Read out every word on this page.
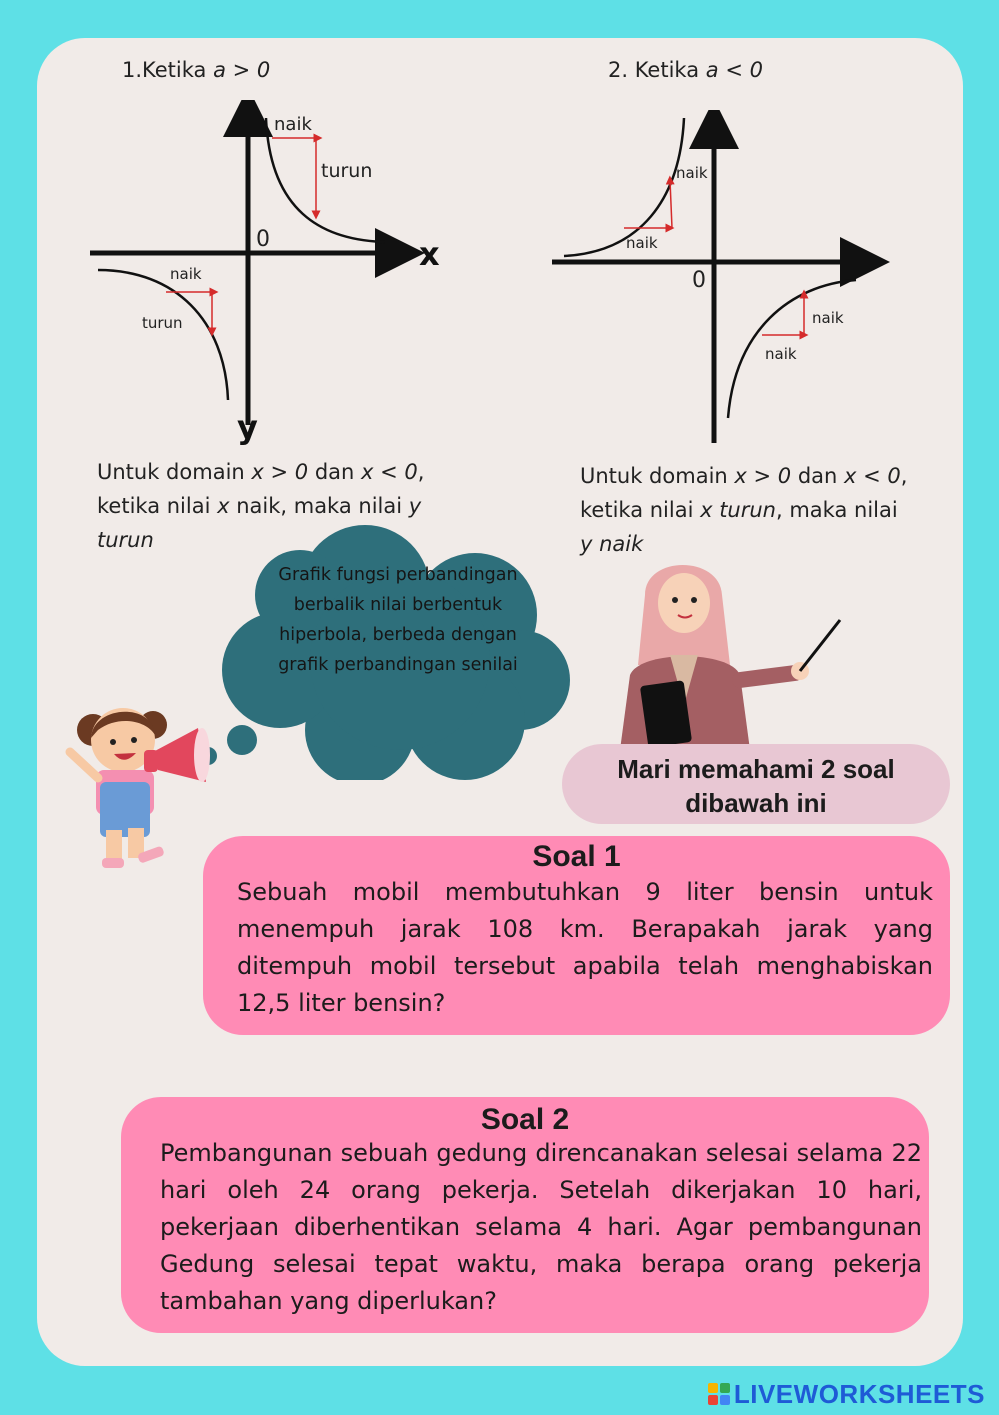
1.Ketika a > 0
naik
turun
0	x
y
naik
turun
Untuk domain x > 0 dan x < 0, ketika nilai x naik, maka nilai y
turun
2. Ketika a < 0
naik
naik
0
naik
naik
Untuk domain x > 0 dan x < 0, ketika nilai x turun, maka nilai
y naik
Grafik fungsi perbandingan berbalik nilai berbentuk hiperbola, berbeda dengan grafik perbandingan senilai
Mari memahami 2 soal
dibawah ini
Soal 1
Sebuah mobil membutuhkan 9 liter bensin untuk menempuh jarak 108 km. Berapakah jarak yang ditempuh mobil tersebut apabila telah menghabiskan 12,5 liter bensin?
Soal 2
Pembangunan sebuah gedung direncanakan selesai selama 22 hari oleh 24 orang pekerja. Setelah dikerjakan 10 hari, pekerjaan diberhentikan selama 4 hari. Agar pembangunan Gedung selesai tepat waktu, maka berapa orang pekerja tambahan yang diperlukan?
LIVEWORKSHEETS
